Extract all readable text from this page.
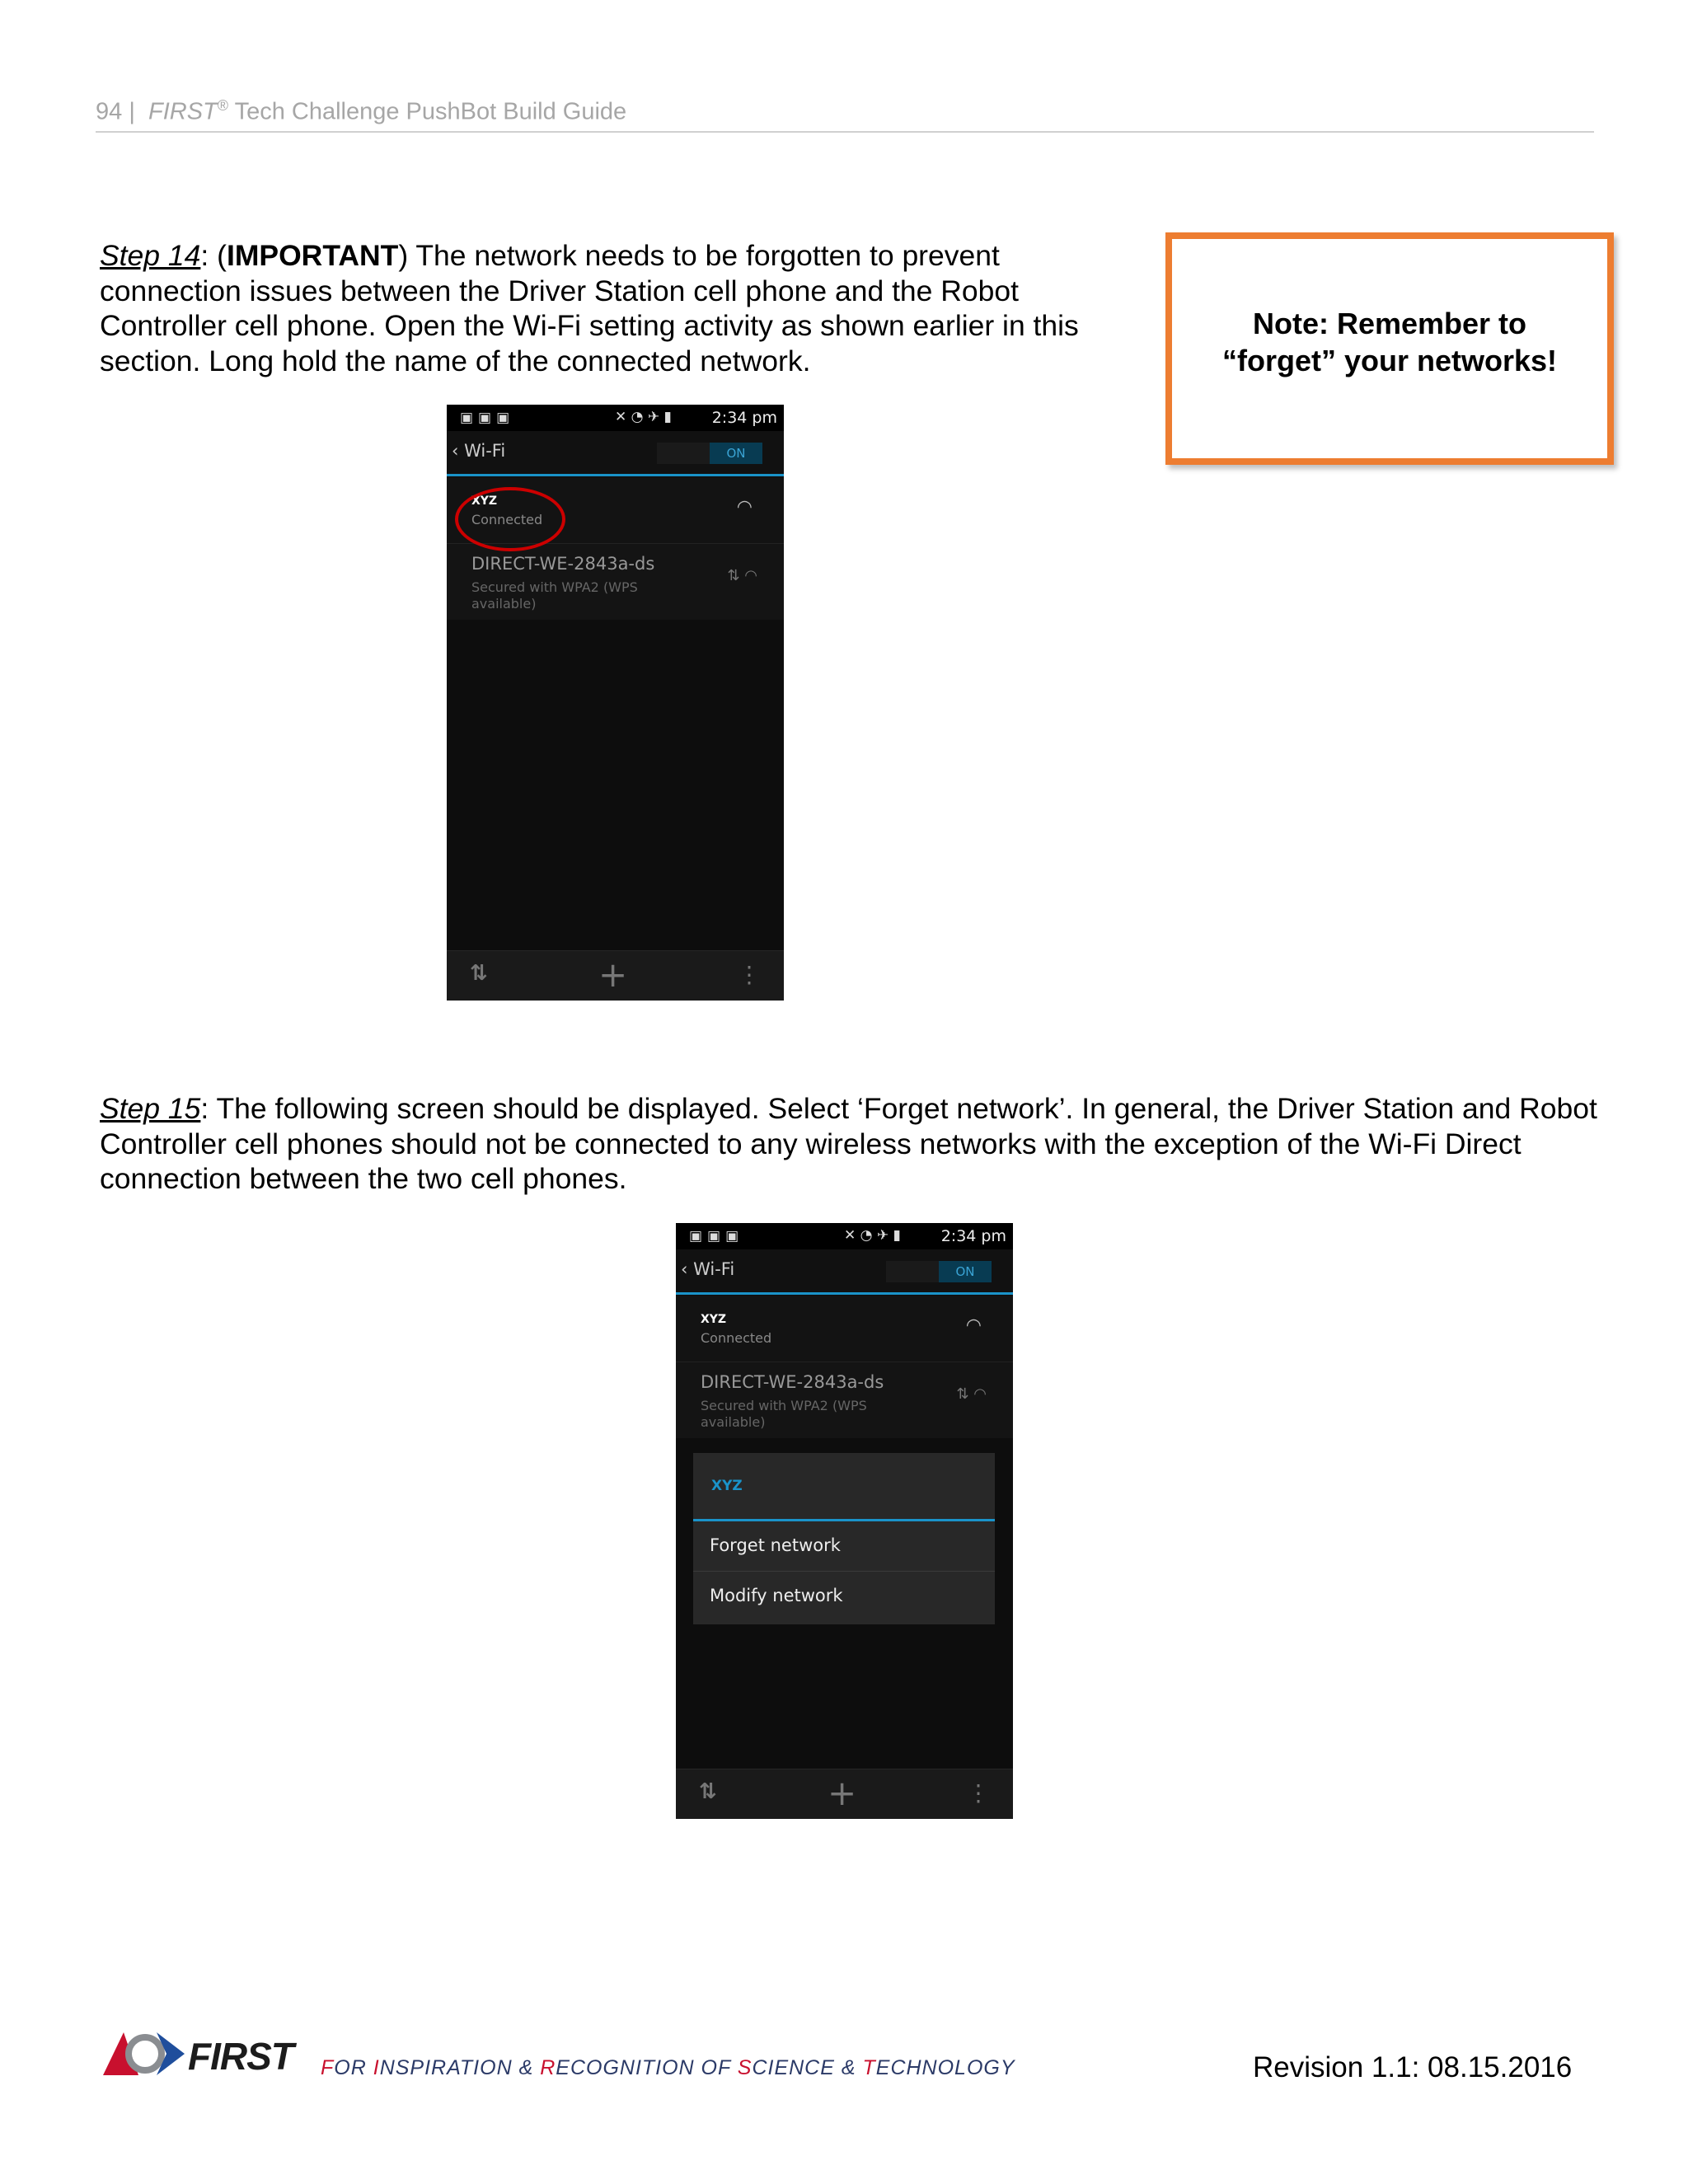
94 | FIRST® Tech Challenge PushBot Build Guide
Step 14: (IMPORTANT) The network needs to be forgotten to prevent connection issues between the Driver Station cell phone and the Robot Controller cell phone. Open the Wi-Fi setting activity as shown earlier in this section. Long hold the name of the connected network.
Note: Remember to
“forget” your networks!
▣▣▣	✕ ◔ ✈ ▮	2:34 pm
‹ Wi-Fi	ON
XYZ
Connected
◠
DIRECT-WE-2843a-ds
Secured with WPA2 (WPS available)
⇅ ◠
⇅	+	⋮
Step 15: The following screen should be displayed. Select ‘Forget network’. In general, the Driver Station and Robot Controller cell phones should not be connected to any wireless networks with the exception of the Wi-Fi Direct connection between the two cell phones.
▣▣▣	✕ ◔ ✈ ▮	2:34 pm
‹ Wi-Fi	ON
XYZ
Connected
◠
DIRECT-WE-2843a-ds
Secured with WPA2 (WPS available)
⇅ ◠
XYZ
Forget network
Modify network
⇅	+	⋮
FIRST FOR INSPIRATION & RECOGNITION OF SCIENCE & TECHNOLOGY	Revision 1.1: 08.15.2016
